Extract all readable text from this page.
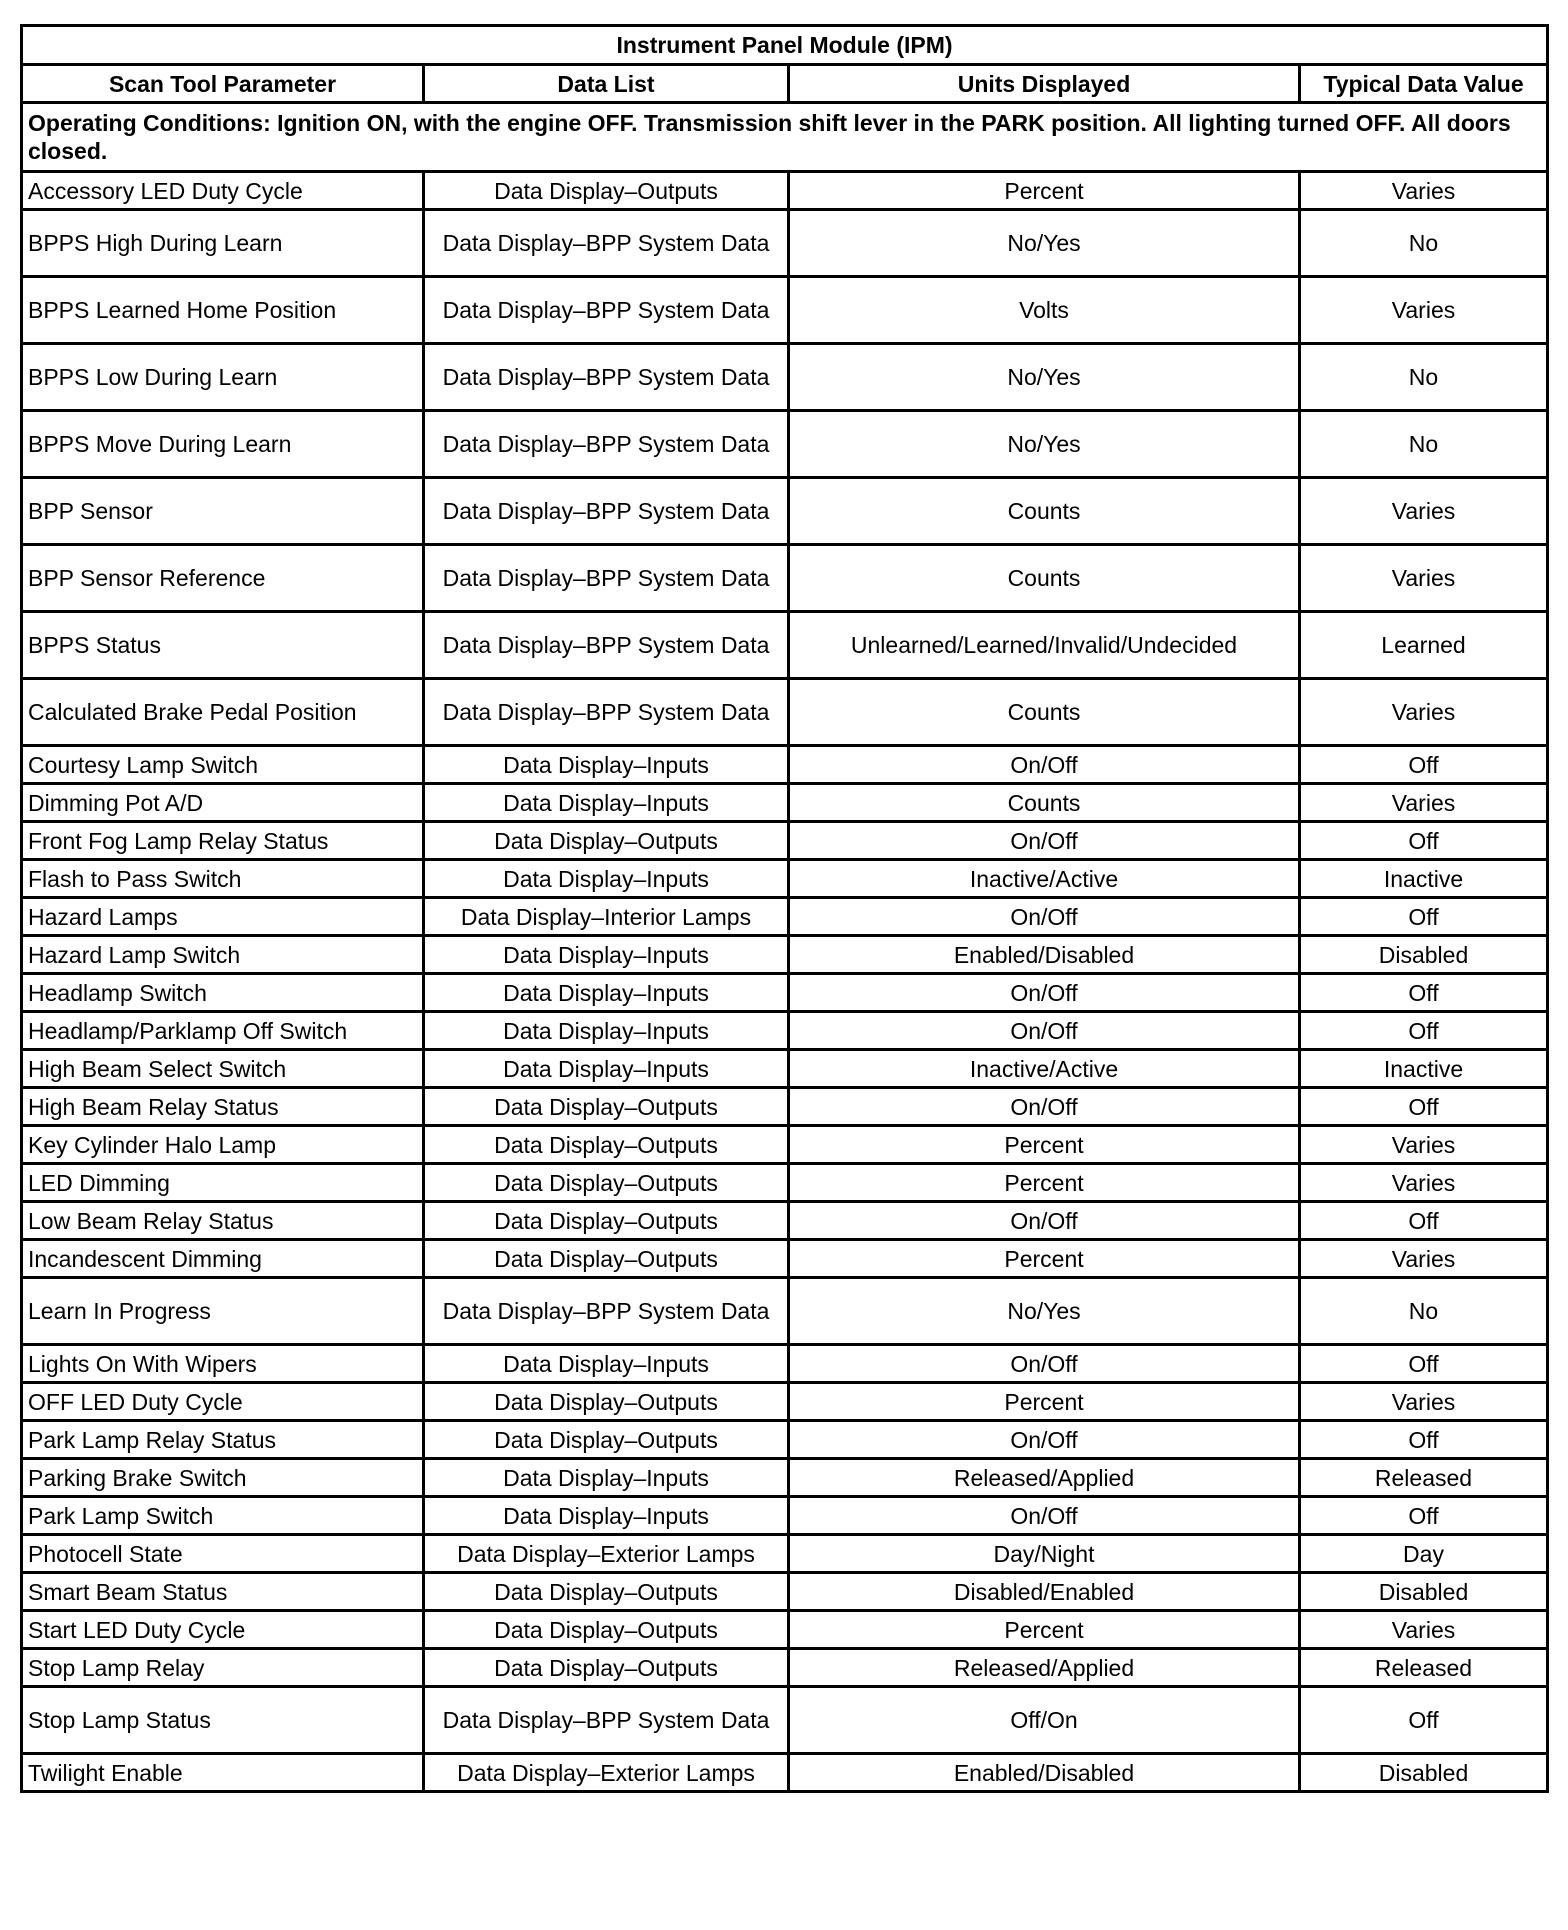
Instrument Panel Module (IPM)			
Scan Tool Parameter	Data List	Units Displayed	Typical Data Value
Operating Conditions: Ignition ON, with the engine OFF. Transmission shift lever in the PARK position. All lighting turned OFF. All doors closed.			
Accessory LED Duty Cycle	Data Display–Outputs	Percent	Varies
BPPS High During Learn	Data Display–BPP System Data	No/Yes	No
BPPS Learned Home Position	Data Display–BPP System Data	Volts	Varies
BPPS Low During Learn	Data Display–BPP System Data	No/Yes	No
BPPS Move During Learn	Data Display–BPP System Data	No/Yes	No
BPP Sensor	Data Display–BPP System Data	Counts	Varies
BPP Sensor Reference	Data Display–BPP System Data	Counts	Varies
BPPS Status	Data Display–BPP System Data	Unlearned/Learned/Invalid/Undecided	Learned
Calculated Brake Pedal Position	Data Display–BPP System Data	Counts	Varies
Courtesy Lamp Switch	Data Display–Inputs	On/Off	Off
Dimming Pot A/D	Data Display–Inputs	Counts	Varies
Front Fog Lamp Relay Status	Data Display–Outputs	On/Off	Off
Flash to Pass Switch	Data Display–Inputs	Inactive/Active	Inactive
Hazard Lamps	Data Display–Interior Lamps	On/Off	Off
Hazard Lamp Switch	Data Display–Inputs	Enabled/Disabled	Disabled
Headlamp Switch	Data Display–Inputs	On/Off	Off
Headlamp/Parklamp Off Switch	Data Display–Inputs	On/Off	Off
High Beam Select Switch	Data Display–Inputs	Inactive/Active	Inactive
High Beam Relay Status	Data Display–Outputs	On/Off	Off
Key Cylinder Halo Lamp	Data Display–Outputs	Percent	Varies
LED Dimming	Data Display–Outputs	Percent	Varies
Low Beam Relay Status	Data Display–Outputs	On/Off	Off
Incandescent Dimming	Data Display–Outputs	Percent	Varies
Learn In Progress	Data Display–BPP System Data	No/Yes	No
Lights On With Wipers	Data Display–Inputs	On/Off	Off
OFF LED Duty Cycle	Data Display–Outputs	Percent	Varies
Park Lamp Relay Status	Data Display–Outputs	On/Off	Off
Parking Brake Switch	Data Display–Inputs	Released/Applied	Released
Park Lamp Switch	Data Display–Inputs	On/Off	Off
Photocell State	Data Display–Exterior Lamps	Day/Night	Day
Smart Beam Status	Data Display–Outputs	Disabled/Enabled	Disabled
Start LED Duty Cycle	Data Display–Outputs	Percent	Varies
Stop Lamp Relay	Data Display–Outputs	Released/Applied	Released
Stop Lamp Status	Data Display–BPP System Data	Off/On	Off
Twilight Enable	Data Display–Exterior Lamps	Enabled/Disabled	Disabled
